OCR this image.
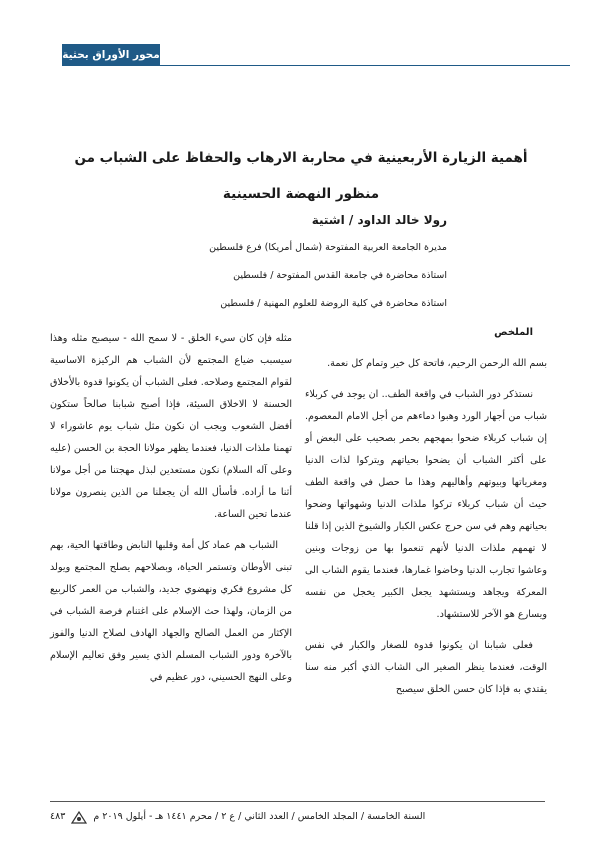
محور الأوراق بحثية
أهمية الزيارة الأربعينية في محاربة الارهاب والحفاظ على الشباب من منظور النهضة الحسينية
رولا خالد الداود / اشتية
مديرة الجامعة العربية المفتوحة (شمال أمريكا) فرع فلسطين
استاذة محاضرة في جامعة القدس المفتوحة / فلسطين
استاذة محاضرة في كلية الروضة للعلوم المهنية / فلسطين

الملخص

بسم الله الرحمن الرحيم، فاتحة كل خير وتمام كل نعمة.

نستذكر دور الشباب في واقعة الطف.. ان يوجد في كربلاء شباب من أجهار الورد وهبوا دماءهم من أجل الامام المعصوم. إن شباب كربلاء ضحوا بمهجهم بحمر بصحيب على البعض أو على أكثر الشباب أن يضحوا بحياتهم ويتركوا لذات الدنيا ومغرياتها وبيوتهم وأهاليهم وهذا ما حصل في واقعة الطف حيث أن شباب كربلاء تركوا ملذات الدنيا وشهواتها وضحوا بحياتهم وهم في سن حرج عكس الكبار والشيوخ الذين إذا قلنا لا تهمهم ملذات الدنيا لأنهم تنعموا بها من زوجات وبنين وعاشوا تجارب الدنيا وخاضوا غمارها، فعندما يقوم الشاب الى المعركة ويجاهد ويستشهد يجعل الكبير يخجل من نفسه ويسارع هو الآخر للاستشهاد.

فعلى شبابنا ان يكونوا قدوة للصغار والكبار في نفس الوقت، فعندما ينظر الصغير الى الشاب الذي أكبر منه سنا يقتدي به فإذا كان حسن الخلق سيصبح

مثله فإن كان سيء الخلق - لا سمح الله - سيصبح مثله وهذا سيسبب ضياع المجتمع لأن الشباب هم الركيزة الاساسية لقوام المجتمع وصلاحه. فعلى الشباب أن يكونوا قدوة بالأخلاق الحسنة لا الاخلاق السيئة، فإذا أصبح شبابنا صالحاً ستكون أفضل الشعوب ويجب ان نكون مثل شباب يوم عاشوراء لا تهمنا ملذات الدنيا، فعندما يظهر مولانا الحجة بن الحسن (عليه وعلى آله السلام) نكون مستعدين لبذل مهجتنا من أجل مولانا أثنا ما أراده. فأسأل الله أن يجعلنا من الذين ينصرون مولانا عندما تحين الساعة.

الشباب هم عماد كل أمة وقلبها النابض وطاقتها الحية، بهم تبنى الأوطان وتستمر الحياة، وبصلاحهم يصلح المجتمع ويولد كل مشروع فكري ونهضوي جديد، والشباب من العمر كالربيع من الزمان، ولهذا حث الإسلام على اغتنام فرصة الشباب في الإكثار من العمل الصالح والجهاد الهادف لصلاح الدنيا والفوز بالآخرة ودور الشباب المسلم الذي يسير وفق تعاليم الإسلام وعلى النهج الحسيني، دور عظيم في

السنة الخامسة / المجلد الخامس / العدد الثاني / ع ٢ / محرم ١٤٤١ هـ - أيلول ٢٠١٩ م  ٤٨٣
